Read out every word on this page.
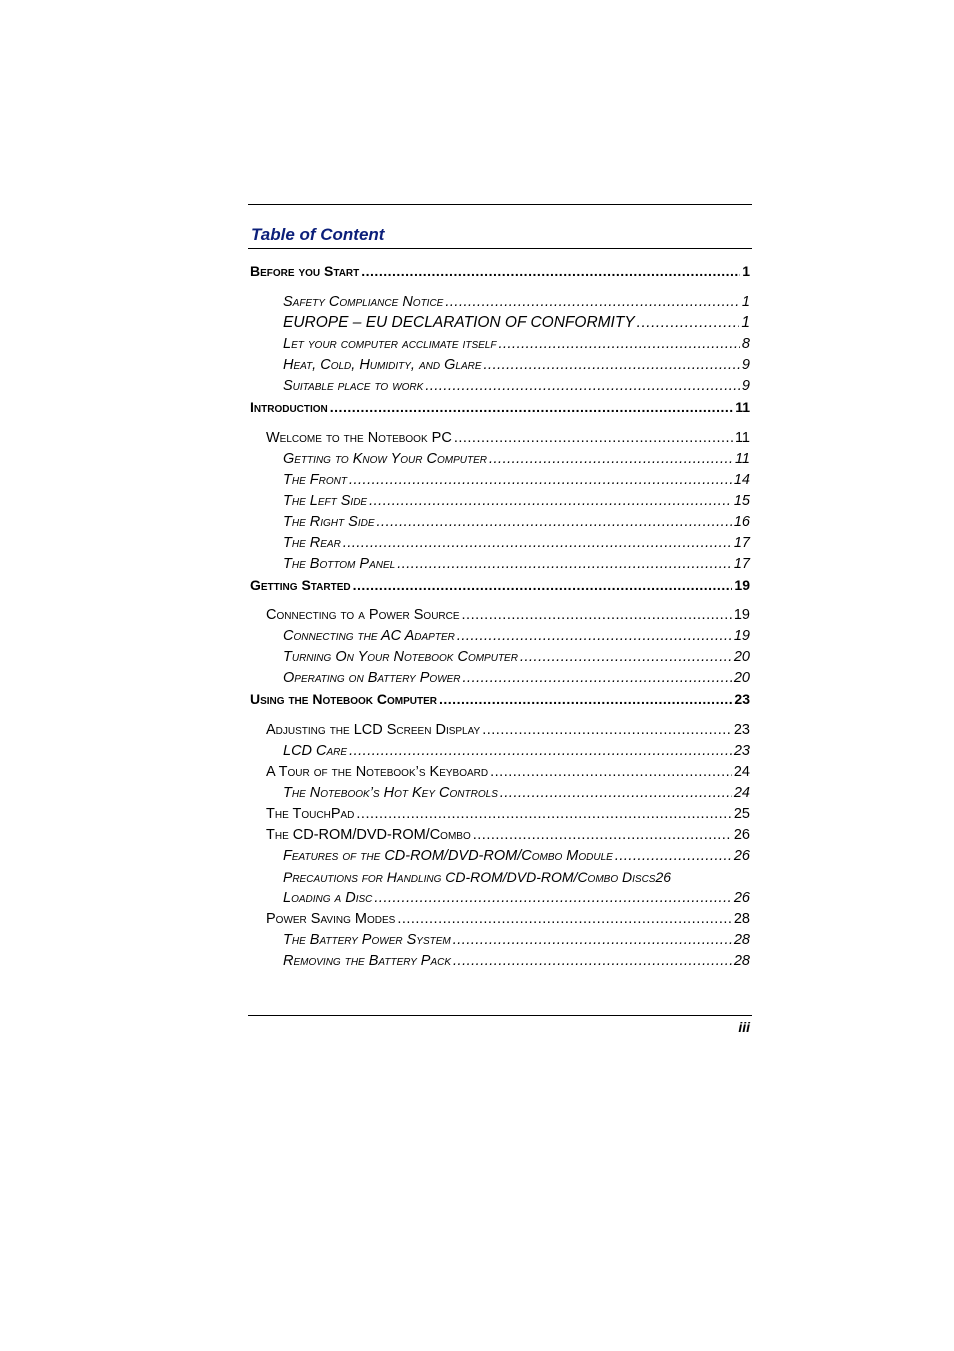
Table of Content
Before you Start .....	1
Safety Compliance Notice .....	1
EUROPE – EU DECLARATION OF CONFORMITY .....	1
Let your computer acclimate itself .....	8
Heat, Cold, Humidity, and Glare .....	9
Suitable place to work .....	9
Introduction .....	11
Welcome to the Notebook PC .....	11
Getting to Know Your Computer .....	11
The Front .....	14
The Left Side .....	15
The Right Side .....	16
The Rear .....	17
The Bottom Panel .....	17
Getting Started .....	19
Connecting to a Power Source .....	19
Connecting the AC Adapter .....	19
Turning On Your Notebook Computer .....	20
Operating on Battery Power .....	20
Using the Notebook Computer .....	23
Adjusting the LCD Screen Display .....	23
LCD Care .....	23
A Tour of the Notebook’s Keyboard .....	24
The Notebook’s Hot Key Controls .....	24
The TouchPad .....	25
The CD-ROM/DVD-ROM/Combo .....	26
Features of the CD-ROM/DVD-ROM/Combo Module .....	26
Precautions for Handling CD-ROM/DVD-ROM/Combo Discs 26
Loading a Disc .....	26
Power Saving Modes .....	28
The Battery Power System .....	28
Removing the Battery Pack .....	28
iii
